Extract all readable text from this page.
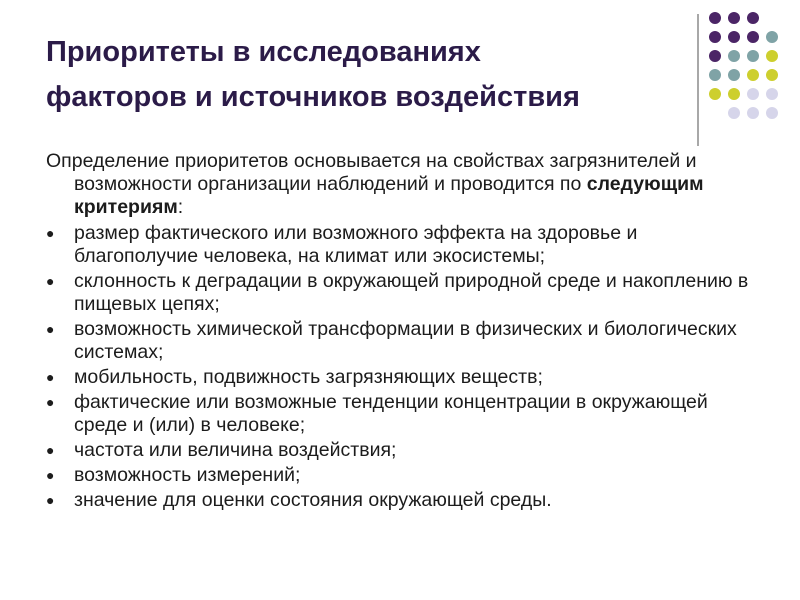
Приоритеты в исследованиях
факторов и источников воздействия

Определение приоритетов основывается на свойствах загрязнителей и возможности организации наблюдений и проводится по следующим критериям:

● размер фактического или возможного эффекта на здоровье и благополучие человека, на климат или экосистемы;
● склонность к деградации в окружающей природной среде и накоплению в пищевых цепях;
● возможность химической трансформации в физических и биологических системах;
● мобильность, подвижность загрязняющих веществ;
● фактические или возможные тенденции концентрации в окружающей среде и (или) в человеке;
● частота или величина воздействия;
● возможность измерений;
● значение для оценки состояния окружающей среды.
